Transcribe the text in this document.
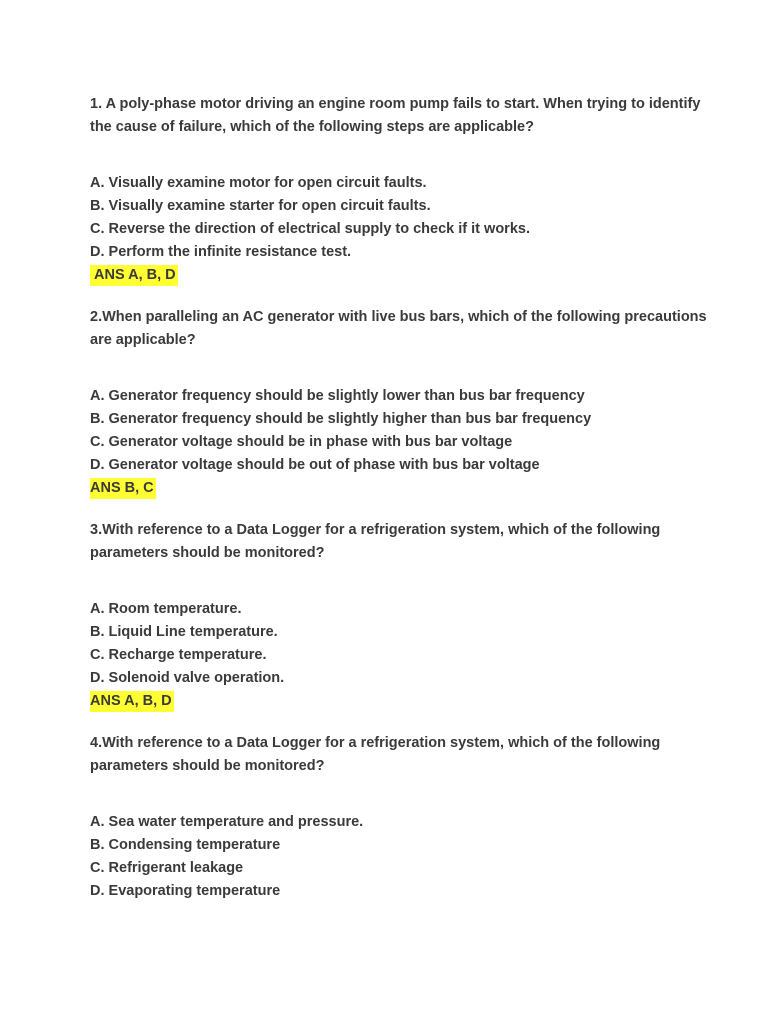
1. A poly-phase motor driving an engine room pump fails to start. When trying to identify the cause of failure, which of the following steps are applicable?

A. Visually examine motor for open circuit faults.
B. Visually examine starter for open circuit faults.
C. Reverse the direction of electrical supply to check if it works.
D. Perform the infinite resistance test.
ANS A, B, D

2.When paralleling an AC generator with live bus bars, which of the following precautions are applicable?

A. Generator frequency should be slightly lower than bus bar frequency
B. Generator frequency should be slightly higher than bus bar frequency
C. Generator voltage should be in phase with bus bar voltage
D. Generator voltage should be out of phase with bus bar voltage
ANS B, C

3.With reference to a Data Logger for a refrigeration system, which of the following parameters should be monitored?

A. Room temperature.
B. Liquid Line temperature.
C. Recharge temperature.
D. Solenoid valve operation.
ANS A, B, D

4.With reference to a Data Logger for a refrigeration system, which of the following parameters should be monitored?

A. Sea water temperature and pressure.
B. Condensing temperature
C. Refrigerant leakage
D. Evaporating temperature
